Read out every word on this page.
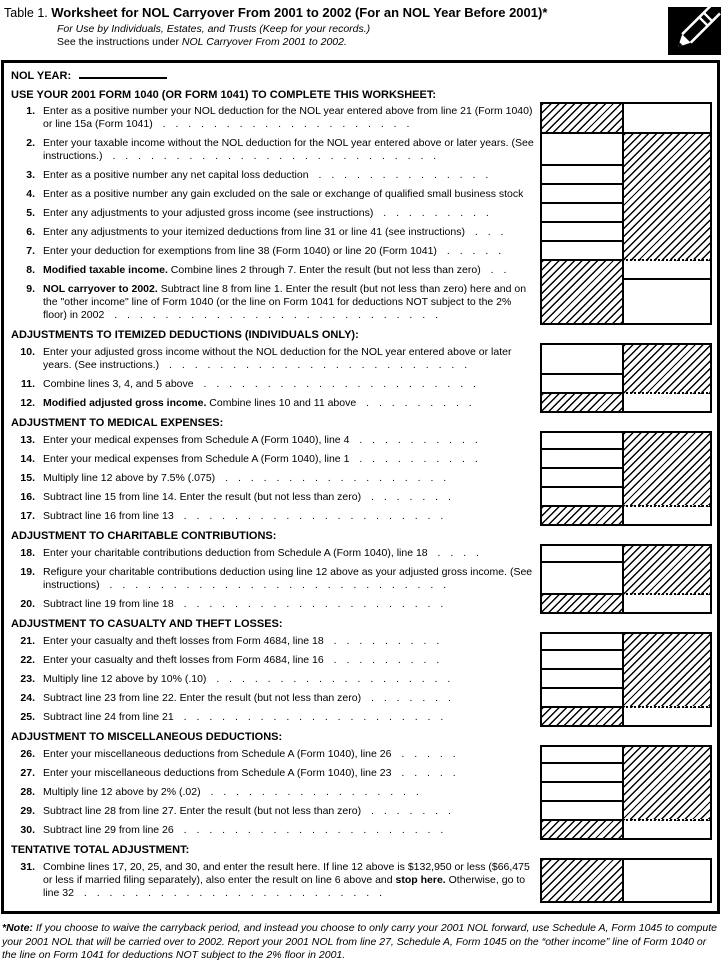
Table 1. Worksheet for NOL Carryover From 2001 to 2002 (For an NOL Year Before 2001)*
For Use by Individuals, Estates, and Trusts (Keep for your records.)
See the instructions under NOL Carryover From 2001 to 2002.
NOL YEAR:
USE YOUR 2001 FORM 1040 (OR FORM 1041) TO COMPLETE THIS WORKSHEET:
1. Enter as a positive number your NOL deduction for the NOL year entered above from line 21 (Form 1040) or line 15a (Form 1041) . . . . . . . . . . . . . . . . . . . .
2. Enter your taxable income without the NOL deduction for the NOL year entered above or later years. (See instructions.) . . . . . . . . . . . . . . . . . . . . . . . . . .
3. Enter as a positive number any net capital loss deduction . . . . . . . . . . . . . .
4. Enter as a positive number any gain excluded on the sale or exchange of qualified small business stock
5. Enter any adjustments to your adjusted gross income (see instructions) . . . . . . . . .
6. Enter any adjustments to your itemized deductions from line 31 or line 41 (see instructions) . . .
7. Enter your deduction for exemptions from line 38 (Form 1040) or line 20 (Form 1041) . . . . .
8. Modified taxable income. Combine lines 2 through 7. Enter the result (but not less than zero) . .
9. NOL carryover to 2002. Subtract line 8 from line 1. Enter the result (but not less than zero) here and on the "other income" line of Form 1040 (or the line on Form 1041 for deductions NOT subject to the 2% floor) in 2002 . . . . . . . . . . . . . . . . . . . . . . . . . .
ADJUSTMENTS TO ITEMIZED DEDUCTIONS (INDIVIDUALS ONLY):
10. Enter your adjusted gross income without the NOL deduction for the NOL year entered above or later years. (See instructions.) . . . . . . . . . . . . . . . . . . . . . . . .
11. Combine lines 3, 4, and 5 above . . . . . . . . . . . . . . . . . . . . . .
12. Modified adjusted gross income. Combine lines 10 and 11 above . . . . . . . . .
ADJUSTMENT TO MEDICAL EXPENSES:
13. Enter your medical expenses from Schedule A (Form 1040), line 4 . . . . . . . . . .
14. Enter your medical expenses from Schedule A (Form 1040), line 1 . . . . . . . . . .
15. Multiply line 12 above by 7.5% (.075) . . . . . . . . . . . . . . . . . .
16. Subtract line 15 from line 14. Enter the result (but not less than zero) . . . . . . .
17. Subtract line 16 from line 13 . . . . . . . . . . . . . . . . . . . . .
ADJUSTMENT TO CHARITABLE CONTRIBUTIONS:
18. Enter your charitable contributions deduction from Schedule A (Form 1040), line 18 . . . .
19. Refigure your charitable contributions deduction using line 12 above as your adjusted gross income. (See instructions) . . . . . . . . . . . . . . . . . . . . . . . . . . .
20. Subtract line 19 from line 18 . . . . . . . . . . . . . . . . . . . . .
ADJUSTMENT TO CASUALTY AND THEFT LOSSES:
21. Enter your casualty and theft losses from Form 4684, line 18 . . . . . . . . .
22. Enter your casualty and theft losses from Form 4684, line 16 . . . . . . . . .
23. Multiply line 12 above by 10% (.10) . . . . . . . . . . . . . . . . . . .
24. Subtract line 23 from line 22. Enter the result (but not less than zero) . . . . . . .
25. Subtract line 24 from line 21 . . . . . . . . . . . . . . . . . . . . .
ADJUSTMENT TO MISCELLANEOUS DEDUCTIONS:
26. Enter your miscellaneous deductions from Schedule A (Form 1040), line 26 . . . . .
27. Enter your miscellaneous deductions from Schedule A (Form 1040), line 23 . . . . .
28. Multiply line 12 above by 2% (.02) . . . . . . . . . . . . . . . . .
29. Subtract line 28 from line 27. Enter the result (but not less than zero) . . . . . . .
30. Subtract line 29 from line 26 . . . . . . . . . . . . . . . . . . . . .
TENTATIVE TOTAL ADJUSTMENT:
31. Combine lines 17, 20, 25, and 30, and enter the result here. If line 12 above is $132,950 or less ($66,475 or less if married filing separately), also enter the result on line 6 above and stop here. Otherwise, go to line 32 . . . . . . . . . . . . . . . . . . . . . . . .
*Note: If you choose to waive the carryback period, and instead you choose to only carry your 2001 NOL forward, use Schedule A, Form 1045 to compute your 2001 NOL that will be carried over to 2002. Report your 2001 NOL from line 27, Schedule A, Form 1045 on the “other income” line of Form 1040 or the line on Form 1041 for deductions NOT subject to the 2% floor in 2001.
